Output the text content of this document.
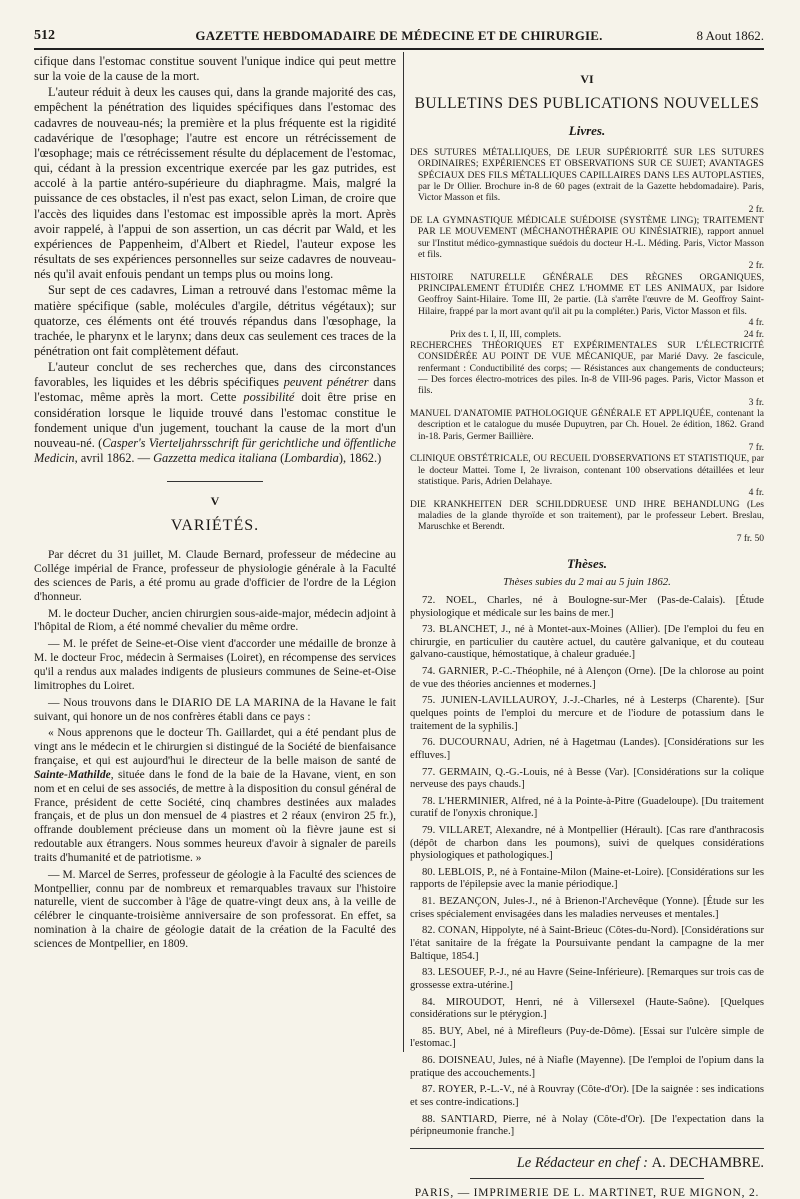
512	GAZETTE HEBDOMADAIRE DE MÉDECINE ET DE CHIRURGIE.	8 Aout 1862.

cifique dans l'estomac constitue souvent l'unique indice qui peut mettre sur la voie de la cause de la mort.

L'auteur réduit à deux les causes qui, dans la grande majorité des cas, empêchent la pénétration des liquides spécifiques dans l'estomac des cadavres de nouveau-nés; la première et la plus fréquente est la rigidité cadavérique de l'œsophage; l'autre est encore un rétrécissement de l'œsophage; mais ce rétrécissement résulte du déplacement de l'estomac, qui, cédant à la pression excentrique exercée par les gaz putrides, est accolé à la partie antéro-supérieure du diaphragme. Mais, malgré la puissance de ces obstacles, il n'est pas exact, selon Liman, de croire que l'accès des liquides dans l'estomac est impossible après la mort. Après avoir rappelé, à l'appui de son assertion, un cas décrit par Wald, et les expériences de Pappenheim, d'Albert et Riedel, l'auteur expose les résultats de ses expériences personnelles sur seize cadavres de nouveau-nés qu'il avait enfouis pendant un temps plus ou moins long.

Sur sept de ces cadavres, Liman a retrouvé dans l'estomac même la matière spécifique (sable, molécules d'argile, détritus végétaux); sur quatorze, ces éléments ont été trouvés répandus dans l'œsophage, la trachée, le pharynx et le larynx; dans deux cas seulement ces traces de la pénétration ont fait complètement défaut.

L'auteur conclut de ses recherches que, dans des circonstances favorables, les liquides et les débris spécifiques peuvent pénétrer dans l'estomac, même après la mort. Cette possibilité doit être prise en considération lorsque le liquide trouvé dans l'estomac constitue le fondement unique d'un jugement, touchant la cause de la mort d'un nouveau-né. (Casper's Vierteljahrsschrift für gerichtliche und öffentliche Medicin, avril 1862. — Gazzetta medica italiana (Lombardia), 1862.)

V
VARIÉTÉS.

Par décret du 31 juillet, M. Claude Bernard, professeur de médecine au Collége impérial de France, professeur de physiologie générale à la Faculté des sciences de Paris, a été promu au grade d'officier de l'ordre de la Légion d'honneur.

M. le docteur Ducher, ancien chirurgien sous-aide-major, médecin adjoint à l'hôpital de Riom, a été nommé chevalier du même ordre.

— M. le préfet de Seine-et-Oise vient d'accorder une médaille de bronze à M. le docteur Froc, médecin à Sermaises (Loiret), en récompense des services qu'il a rendus aux malades indigents de plusieurs communes de Seine-et-Oise limitrophes du Loiret.

— Nous trouvons dans le DIARIO DE LA MARINA de la Havane le fait suivant, qui honore un de nos confrères établi dans ce pays :

« Nous apprenons que le docteur Th. Gaillardet, qui a été pendant plus de vingt ans le médecin et le chirurgien si distingué de la Société de bienfaisance française, et qui est aujourd'hui le directeur de la belle maison de santé de Sainte-Mathilde, située dans le fond de la baie de la Havane, vient, en son nom et en celui de ses associés, de mettre à la disposition du consul général de France, président de cette Société, cinq chambres destinées aux malades français, et de plus un don mensuel de 4 piastres et 2 réaux (environ 25 fr.), offrande doublement précieuse dans un moment où la fièvre jaune est si redoutable aux étrangers. Nous sommes heureux d'avoir à signaler de pareils traits d'humanité et de patriotisme. »

— M. Marcel de Serres, professeur de géologie à la Faculté des sciences de Montpellier, connu par de nombreux et remarquables travaux sur l'histoire naturelle, vient de succomber à l'âge de quatre-vingt deux ans, à la veille de célébrer le cinquante-troisième anniversaire de son professorat. En effet, sa nomination à la chaire de géologie datait de la création de la Faculté des sciences de Montpellier, en 1809.

VI
BULLETINS DES PUBLICATIONS NOUVELLES
Livres.

DES SUTURES MÉTALLIQUES, DE LEUR SUPÉRIORITÉ SUR LES SUTURES ORDINAIRES; EXPÉRIENCES ET OBSERVATIONS SUR CE SUJET; AVANTAGES SPÉCIAUX DES FILS MÉTALLIQUES CAPILLAIRES DANS LES AUTOPLASTIES, par le Dr Ollier. Brochure in-8 de 60 pages (extrait de la Gazette hebdomadaire). Paris, Victor Masson et fils.
2 fr.

DE LA GYMNASTIQUE MÉDICALE SUÉDOISE (SYSTÈME LING); TRAITEMENT PAR LE MOUVEMENT (MÉCHANOTHÉRAPIE OU KINÉSIATRIE), rapport annuel sur l'Institut médico-gymnastique suédois du docteur H.-L. Méding. Paris, Victor Masson et fils.
2 fr.

HISTOIRE NATURELLE GÉNÉRALE DES RÈGNES ORGANIQUES, PRINCIPALEMENT ÉTUDIÉE CHEZ L'HOMME ET LES ANIMAUX, par Isidore Geoffroy Saint-Hilaire. Tome III, 2e partie. (Là s'arrête l'œuvre de M. Geoffroy Saint-Hilaire, frappé par la mort avant qu'il ait pu la compléter.) Paris, Victor Masson et fils.
4 fr.

Prix des t. I, II, III, complets.	24 fr.

RECHERCHES THÉORIQUES ET EXPÉRIMENTALES SUR L'ÉLECTRICITÉ CONSIDÉRÉE AU POINT DE VUE MÉCANIQUE, par Marié Davy. 2e fascicule, renfermant : Conductibilité des corps; — Résistances aux changements de conducteurs; — Des forces électro-motrices des piles. In-8 de VIII-96 pages. Paris, Victor Masson et fils.
3 fr.

MANUEL D'ANATOMIE PATHOLOGIQUE GÉNÉRALE ET APPLIQUÉE, contenant la description et le catalogue du musée Dupuytren, par Ch. Houel. 2e édition, 1862. Grand in-18. Paris, Germer Baillière.
7 fr.

CLINIQUE OBSTÉTRICALE, OU RECUEIL D'OBSERVATIONS ET STATISTIQUE, par le docteur Mattei. Tome I, 2e livraison, contenant 100 observations détaillées et leur statistique. Paris, Adrien Delahaye.
4 fr.

DIE KRANKHEITEN DER SCHILDDRUESE UND IHRE BEHANDLUNG (Les maladies de la glande thyroïde et son traitement), par le professeur Lebert. Breslau, Maruschke et Berendt.
7 fr. 50

Thèses.
Thèses subies du 2 mai au 5 juin 1862.

72. NOEL, Charles, né à Boulogne-sur-Mer (Pas-de-Calais). [Étude physiologique et médicale sur les bains de mer.]

73. BLANCHET, J., né à Montet-aux-Moines (Allier). [De l'emploi du feu en chirurgie, en particulier du cautère actuel, du cautère galvanique, et du couteau galvano-caustique, hémostatique, à chaleur graduée.]

74. GARNIER, P.-C.-Théophile, né à Alençon (Orne). [De la chlorose au point de vue des théories anciennes et modernes.]

75. JUNIEN-LAVILLAUROY, J.-J.-Charles, né à Lesterps (Charente). [Sur quelques points de l'emploi du mercure et de l'iodure de potassium dans le traitement de la syphilis.]

76. DUCOURNAU, Adrien, né à Hagetmau (Landes). [Considérations sur les effluves.]

77. GERMAIN, Q.-G.-Louis, né à Besse (Var). [Considérations sur la colique nerveuse des pays chauds.]

78. L'HERMINIER, Alfred, né à la Pointe-à-Pitre (Guadeloupe). [Du traitement curatif de l'onyxis chronique.]

79. VILLARET, Alexandre, né à Montpellier (Hérault). [Cas rare d'anthracosis (dépôt de charbon dans les poumons), suivi de quelques considérations physiologiques et pathologiques.]

80. LEBLOIS, P., né à Fontaine-Milon (Maine-et-Loire). [Considérations sur les rapports de l'épilepsie avec la manie périodique.]

81. BEZANÇON, Jules-J., né à Brienon-l'Archevêque (Yonne). [Étude sur les crises spécialement envisagées dans les maladies nerveuses et mentales.]

82. CONAN, Hippolyte, né à Saint-Brieuc (Côtes-du-Nord). [Considérations sur l'état sanitaire de la frégate la Poursuivante pendant la campagne de la mer Baltique, 1854.]

83. LESOUEF, P.-J., né au Havre (Seine-Inférieure). [Remarques sur trois cas de grossesse extra-utérine.]

84. MIROUDOT, Henri, né à Villersexel (Haute-Saône). [Quelques considérations sur le ptérygion.]

85. BUY, Abel, né à Mirefleurs (Puy-de-Dôme). [Essai sur l'ulcère simple de l'estomac.]

86. DOISNEAU, Jules, né à Niafle (Mayenne). [De l'emploi de l'opium dans la pratique des accouchements.]

87. ROYER, P.-L.-V., né à Rouvray (Côte-d'Or). [De la saignée : ses indications et ses contre-indications.]

88. SANTIARD, Pierre, né à Nolay (Côte-d'Or). [De l'expectation dans la péripneumonie franche.]

Le Rédacteur en chef : A. DECHAMBRE.
PARIS, — IMPRIMERIE DE L. MARTINET, RUE MIGNON, 2.
